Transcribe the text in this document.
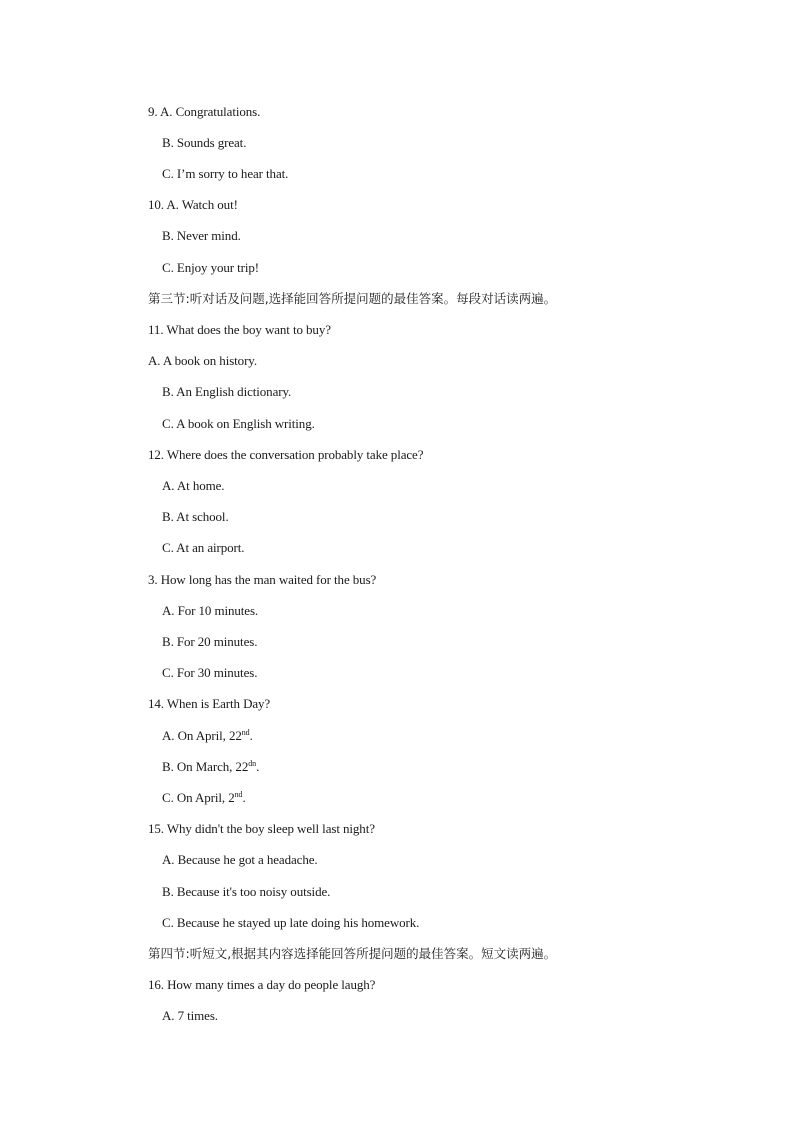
9. A. Congratulations.
B. Sounds great.
C. I’m sorry to hear that.
10. A. Watch out!
B. Never mind.
C. Enjoy your trip!
第三节:听对话及问题,选择能回答所提问题的最佳答案。每段对话读两遍。
11. What does the boy want to buy?
A. A book on history.
B. An English dictionary.
C. A book on English writing.
12. Where does the conversation probably take place?
A. At home.
B. At school.
C. At an airport.
3. How long has the man waited for the bus?
A. For 10 minutes.
B. For 20 minutes.
C. For 30 minutes.
14. When is Earth Day?
A. On April, 22nd.
B. On March, $22^{dn}$.
C. On April, 2nd.
15. Why didn't the boy sleep well last night?
A. Because he got a headache.
B. Because it's too noisy outside.
C. Because he stayed up late doing his homework.
第四节:听短文,根据其内容选择能回答所提问题的最佳答案。短文读两遍。
16. How many times a day do people laugh?
A. 7 times.
